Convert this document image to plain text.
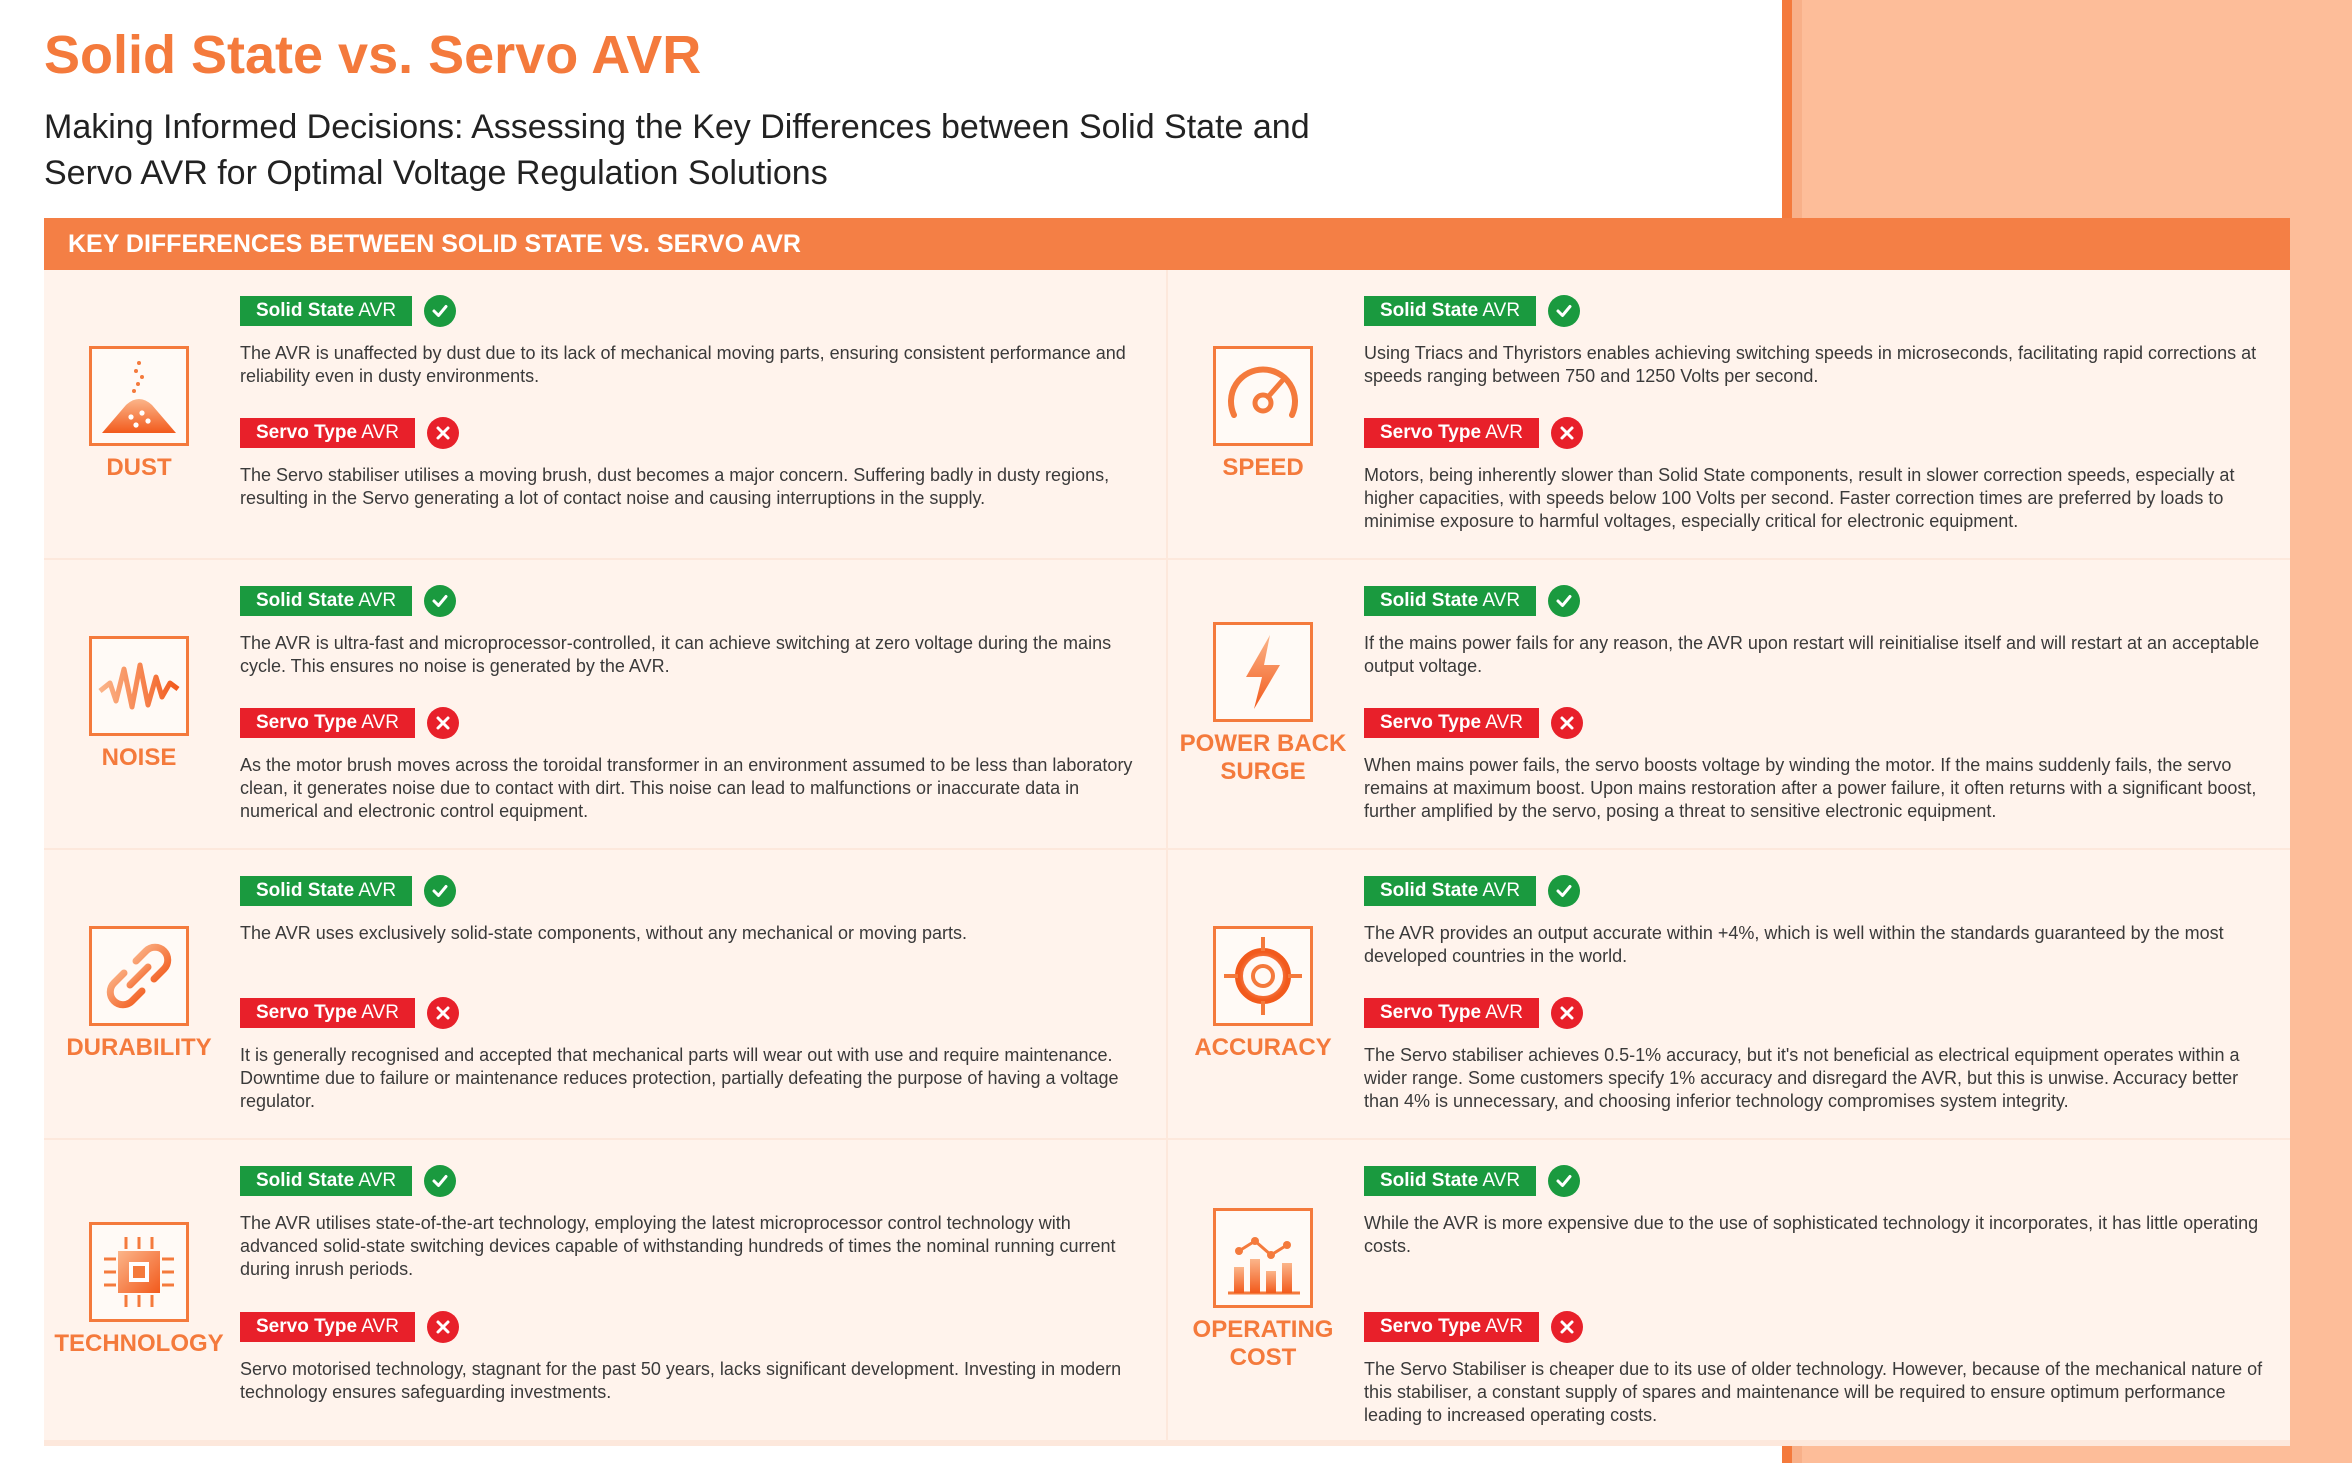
Solid State vs. Servo AVR

Making Informed Decisions: Assessing the Key Differences between Solid State and Servo AVR for Optimal Voltage Regulation Solutions

KEY DIFFERENCES BETWEEN SOLID STATE VS. SERVO AVR
DUST
Solid State AVR

The AVR is unaffected by dust due to its lack of mechanical moving parts, ensuring consistent performance and reliability even in dusty environments.

Servo Type AVR

The Servo stabiliser utilises a moving brush, dust becomes a major concern. Suffering badly in dusty regions, resulting in the Servo generating a lot of contact noise and causing interruptions in the supply.

SPEED
Solid State AVR

Using Triacs and Thyristors enables achieving switching speeds in microseconds, facilitating rapid corrections at speeds ranging between 750 and 1250 Volts per second.

Servo Type AVR

Motors, being inherently slower than Solid State components, result in slower correction speeds, especially at higher capacities, with speeds below 100 Volts per second. Faster correction times are preferred by loads to minimise exposure to harmful voltages, especially critical for electronic equipment.

NOISE
Solid State AVR

The AVR is ultra-fast and microprocessor-controlled, it can achieve switching at zero voltage during the mains cycle. This ensures no noise is generated by the AVR.

Servo Type AVR

As the motor brush moves across the toroidal transformer in an environment assumed to be less than laboratory clean, it generates noise due to contact with dirt. This noise can lead to malfunctions or inaccurate data in numerical and electronic control equipment.

POWER BACK SURGE
Solid State AVR

If the mains power fails for any reason, the AVR upon restart will reinitialise itself and will restart at an acceptable output voltage.

Servo Type AVR

When mains power fails, the servo boosts voltage by winding the motor. If the mains suddenly fails, the servo remains at maximum boost. Upon mains restoration after a power failure, it often returns with a significant boost, further amplified by the servo, posing a threat to sensitive electronic equipment.

DURABILITY
Solid State AVR

The AVR uses exclusively solid-state components, without any mechanical or moving parts.

Servo Type AVR

It is generally recognised and accepted that mechanical parts will wear out with use and require maintenance. Downtime due to failure or maintenance reduces protection, partially defeating the purpose of having a voltage regulator.

ACCURACY
Solid State AVR

The AVR provides an output accurate within +4%, which is well within the standards guaranteed by the most developed countries in the world.

Servo Type AVR

The Servo stabiliser achieves 0.5-1% accuracy, but it's not beneficial as electrical equipment operates within a wider range. Some customers specify 1% accuracy and disregard the AVR, but this is unwise. Accuracy better than 4% is unnecessary, and choosing inferior technology compromises system integrity.

TECHNOLOGY
Solid State AVR

The AVR utilises state-of-the-art technology, employing the latest microprocessor control technology with advanced solid-state switching devices capable of withstanding hundreds of times the nominal running current during inrush periods.

Servo Type AVR

Servo motorised technology, stagnant for the past 50 years, lacks significant development. Investing in modern technology ensures safeguarding investments.

OPERATING COST
Solid State AVR

While the AVR is more expensive due to the use of sophisticated technology it incorporates, it has little operating costs.

Servo Type AVR

The Servo Stabiliser is cheaper due to its use of older technology. However, because of the mechanical nature of this stabiliser, a constant supply of spares and maintenance will be required to ensure optimum performance leading to increased operating costs.
